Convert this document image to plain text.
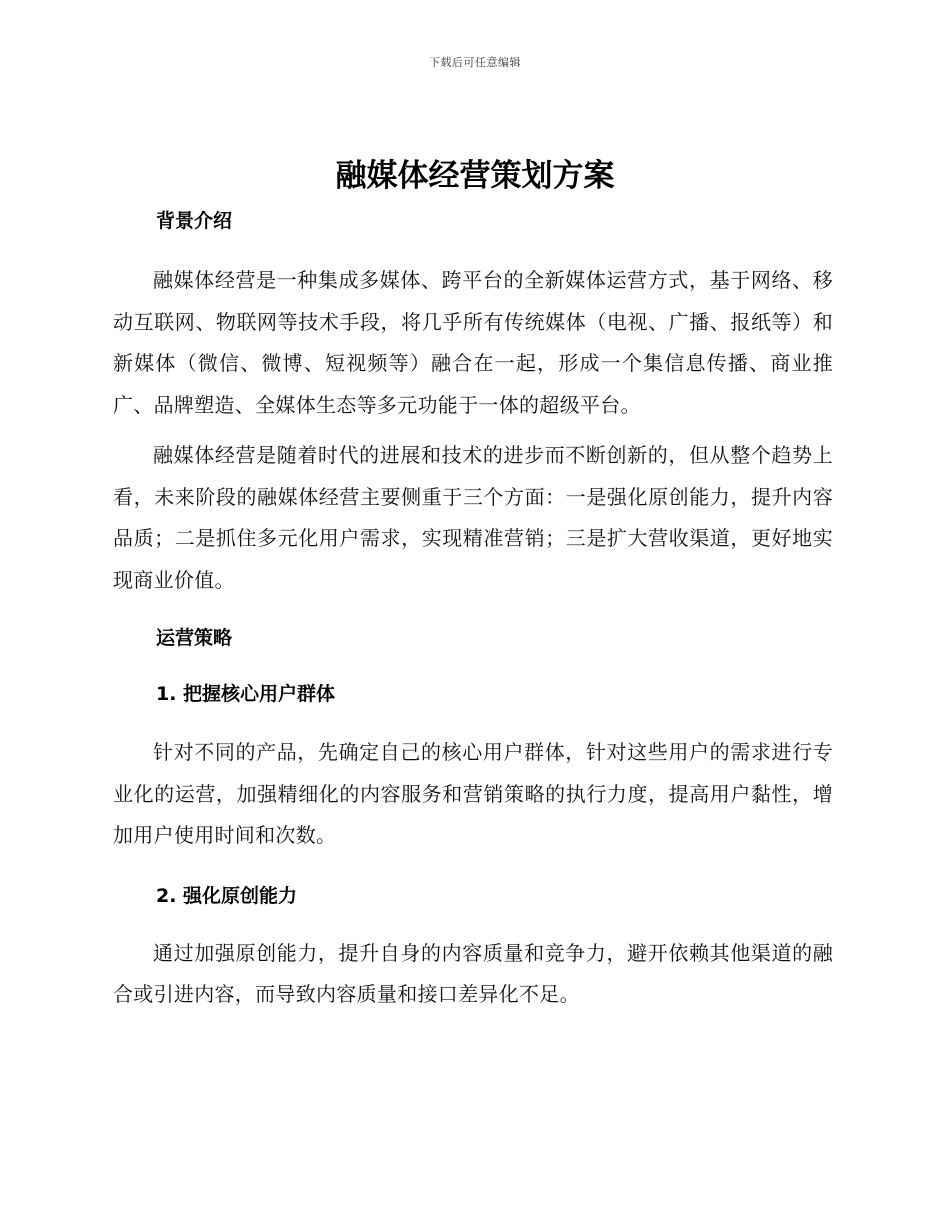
下载后可任意编辑
融媒体经营策划方案
背景介绍

融媒体经营是一种集成多媒体、跨平台的全新媒体运营方式，基于网络、移动互联网、物联网等技术手段，将几乎所有传统媒体（电视、广播、报纸等）和新媒体（微信、微博、短视频等）融合在一起，形成一个集信息传播、商业推广、品牌塑造、全媒体生态等多元功能于一体的超级平台。

融媒体经营是随着时代的进展和技术的进步而不断创新的，但从整个趋势上看，未来阶段的融媒体经营主要侧重于三个方面：一是强化原创能力，提升内容品质；二是抓住多元化用户需求，实现精准营销；三是扩大营收渠道，更好地实现商业价值。

运营策略
1. 把握核心用户群体

针对不同的产品，先确定自己的核心用户群体，针对这些用户的需求进行专业化的运营，加强精细化的内容服务和营销策略的执行力度，提高用户黏性，增加用户使用时间和次数。

2. 强化原创能力

通过加强原创能力，提升自身的内容质量和竞争力，避开依赖其他渠道的融合或引进内容，而导致内容质量和接口差异化不足。
